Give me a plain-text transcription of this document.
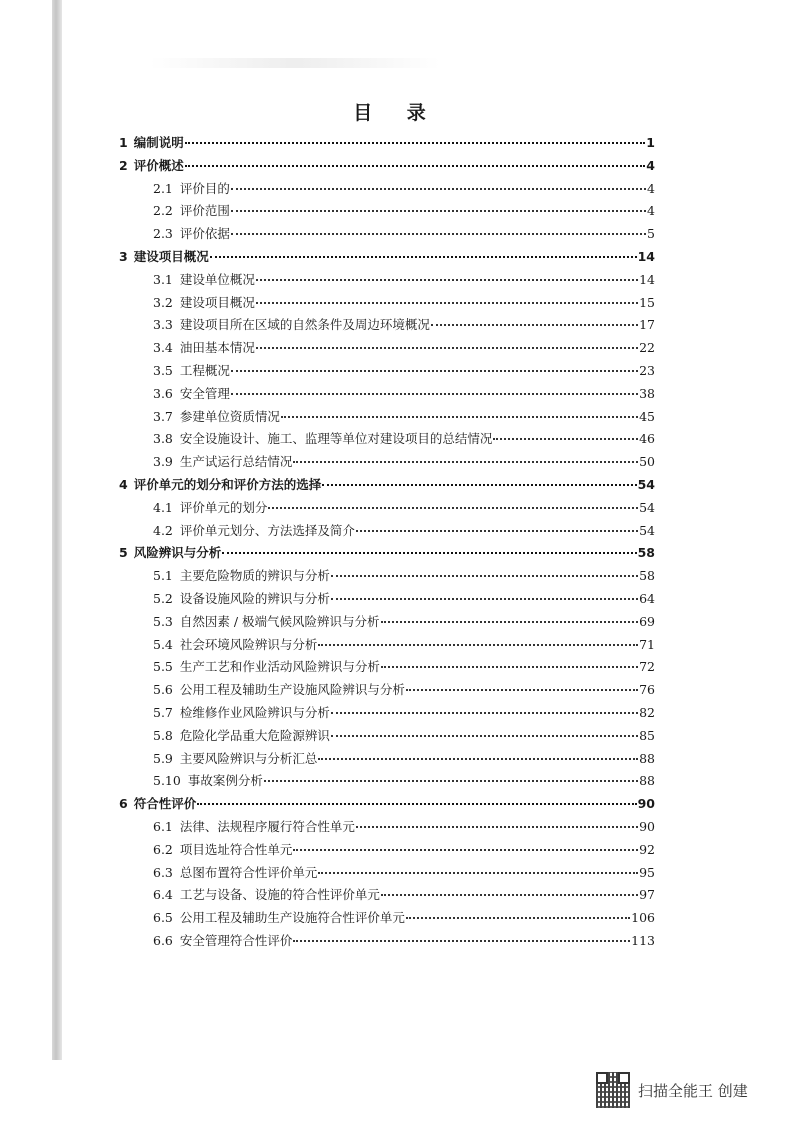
目 录
1 编制说明	1
2 评价概述	4
2.1 评价目的	4
2.2 评价范围	4
2.3 评价依据	5
3 建设项目概况	14
3.1 建设单位概况	14
3.2 建设项目概况	15
3.3 建设项目所在区域的自然条件及周边环境概况	17
3.4 油田基本情况	22
3.5 工程概况	23
3.6 安全管理	38
3.7 参建单位资质情况	45
3.8 安全设施设计、施工、监理等单位对建设项目的总结情况	46
3.9 生产试运行总结情况	50
4 评价单元的划分和评价方法的选择	54
4.1 评价单元的划分	54
4.2 评价单元划分、方法选择及简介	54
5 风险辨识与分析	58
5.1 主要危险物质的辨识与分析	58
5.2 设备设施风险的辨识与分析	64
5.3 自然因素 / 极端气候风险辨识与分析	69
5.4 社会环境风险辨识与分析	71
5.5 生产工艺和作业活动风险辨识与分析	72
5.6 公用工程及辅助生产设施风险辨识与分析	76
5.7 检维修作业风险辨识与分析	82
5.8 危险化学品重大危险源辨识	85
5.9 主要风险辨识与分析汇总	88
5.10 事故案例分析	88
6 符合性评价	90
6.1 法律、法规程序履行符合性单元	90
6.2 项目选址符合性单元	92
6.3 总图布置符合性评价单元	95
6.4 工艺与设备、设施的符合性评价单元	97
6.5 公用工程及辅助生产设施符合性评价单元	106
6.6 安全管理符合性评价	113
扫描全能王 创建
